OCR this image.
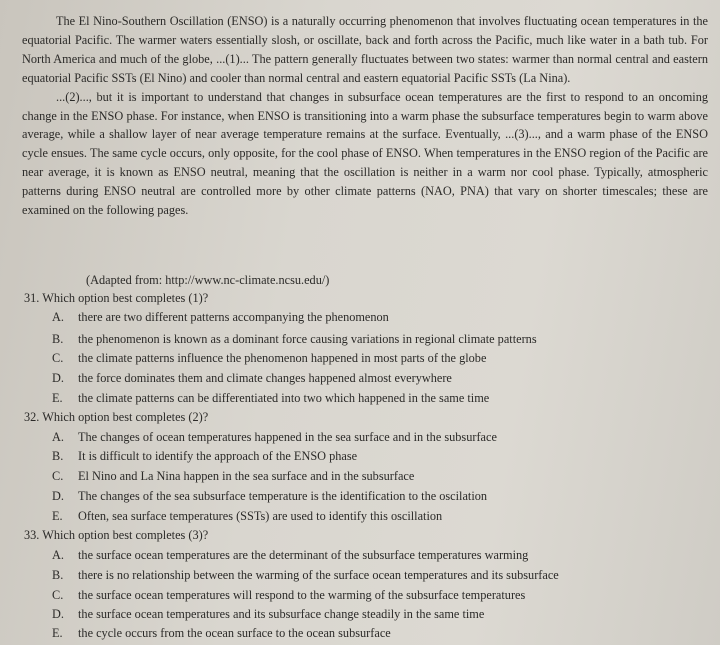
The El Nino-Southern Oscillation (ENSO) is a naturally occurring phenomenon that involves fluctuating ocean temperatures in the equatorial Pacific. The warmer waters essentially slosh, or oscillate, back and forth across the Pacific, much like water in a bath tub. For North America and much of the globe, ...(1)... The pattern generally fluctuates between two states: warmer than normal central and eastern equatorial Pacific SSTs (El Nino) and cooler than normal central and eastern equatorial Pacific SSTs (La Nina).

...(2)..., but it is important to understand that changes in subsurface ocean temperatures are the first to respond to an oncoming change in the ENSO phase. For instance, when ENSO is transitioning into a warm phase the subsurface temperatures begin to warm above average, while a shallow layer of near average temperature remains at the surface. Eventually, ...(3)..., and a warm phase of the ENSO cycle ensues. The same cycle occurs, only opposite, for the cool phase of ENSO. When temperatures in the ENSO region of the Pacific are near average, it is known as ENSO neutral, meaning that the oscillation is neither in a warm nor cool phase. Typically, atmospheric patterns during ENSO neutral are controlled more by other climate patterns (NAO, PNA) that vary on shorter timescales; these are examined on the following pages.

(Adapted from: http://www.nc-climate.ncsu.edu/)
31. Which option best completes (1)?
A. there are two different patterns accompanying the phenomenon
B. the phenomenon is known as a dominant force causing variations in regional climate patterns
C. the climate patterns influence the phenomenon happened in most parts of the globe
D. the force dominates them and climate changes happened almost everywhere
E. the climate patterns can be differentiated into two which happened in the same time
32. Which option best completes (2)?
A. The changes of ocean temperatures happened in the sea surface and in the subsurface
B. It is difficult to identify the approach of the ENSO phase
C. El Nino and La Nina happen in the sea surface and in the subsurface
D. The changes of the sea subsurface temperature is the identification to the oscilation
E. Often, sea surface temperatures (SSTs) are used to identify this oscillation
33. Which option best completes (3)?
A. the surface ocean temperatures are the determinant of the subsurface temperatures warming
B. there is no relationship between the warming of the surface ocean temperatures and its subsurface
C. the surface ocean temperatures will respond to the warming of the subsurface temperatures
D. the surface ocean temperatures and its subsurface change steadily in the same time
E. the cycle occurs from the ocean surface to the ocean subsurface
